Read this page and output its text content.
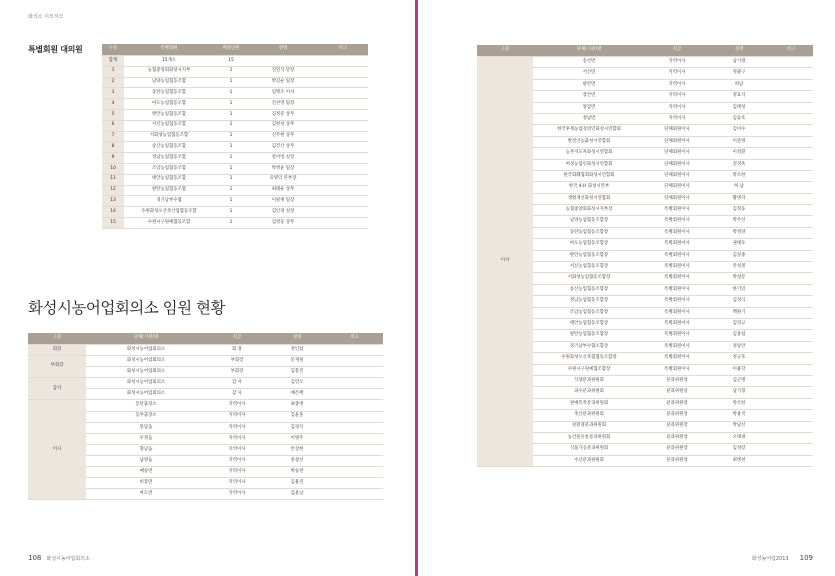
화의소 이모저모
특별회원 대의원	구분	특별회원	배정인원	성명	비고
합계	15개소	15		
1	농협중앙회화성시지부	1	진민식 단장	
2	남양농업협동조합	1	박길순 팀장	
3	동탄농업협동조합	1	임병조 이사	
4	마도농업협동조합	1	진선영 팀장	
5	발안농업협동조합	1	김정문 상무	
6	서신농업협동조합	1	김현성 상무	
7	서화성농업협동조합	1	신주현 상무	
8	송산농업협동조합	1	김진산 상무	
9	정남농업협동조합	1	강미영 실장	
10	조암농업협동조합	1	박병윤 팀장	
11	태안농업협동조합	1	유병덕 본부장	
12	팔탄농업협동조합	1	최태순 상무	
13	경기남부수협	1	이필재 팀장	
14	수원화성오산축산업협동조합	1	김인경 실장	
15	수원시구원예협동조합	1	김영웅 상무	
화성시농어업회의소 임원 현황
구분	단체(기관)명	직급	성명	비고
회장	화성시농어업회의소	회 장	정인섭	
부회장	화성시농어업회의소	부회장	문재필	
	화성시농어업회의소	부회장	김봉진	
감사	화성시농어업회의소	감 사	김연오	
	화성시농어업회의소	감 사	예은배	
이사	동탄출장소	지역이사	최종병	
	동부출장소	지역이사	김윤홍	
	봉담읍	지역이사	김경석	
	우정읍	지역이사	이병주	
	향남읍	지역이사	안상현	
	남양읍	지역이사	홍창선	
	매송면	지역이사	박승관	
	비봉면	지역이사	김용진	
	마도면	지역이사	김윤남	
108 화성시농어업회의소
구분	단체(기관)명	직급	성명	비고
이사	송산면	지역이사	남기철	
	서신면	지역이사	정광구	
	팔탄면	지역이사	허남	
	장안면	지역이사	정효식	
	양감면	지역이사	김태성	
	정남면	지역이사	김승호	
	한국후계농업경영인화성시연합회	단체회원이사	김이수	
	발전인농화성시연합회	단체회원이사	이준영	
	농촌지도자화성시연합회	단체회원이사	이성환	
	여성농업인화성시연합회	단체회원이사	전경옥	
	한국화훼협회화성시연합회	단체회원이사	박조한	
	한국 4-H 화성시본부	단체회원이사	허 남	
	생활개선화성시연합회	단체회원이사	황명자	
	농협중앙회화성시지부장	특별회원이사	김정웅	
	남양농업협동조합장	특별회원이사	박주신	
	동탄농업협동조합장	특별회원이사	박정양	
	마도농업협동조합장	특별회원이사	권태우	
	발안농업협동조합장	특별회원이사	김상종	
	서신농업협동조합장	특별회원이사	안성철	
	서화성농업협동조합장	특별회원이사	박청문	
	송산농업협동조합장	특별회원이사	한기연	
	정남농업협동조합장	특별회원이사	김경식	
	조암농업협동조합장	특별회원이사	백원기	
	태안농업협동조합장	특별회원이사	김영규	
	팔탄농업협동조합장	특별회원이사	김충섭	
	경기남부수협조합장	특별회원이사	정승만	
	수원화성오산축협협동조합장	특별회원이사	정규호	
	수원시구원예협조합장	특별회원이사	이용학	
	식량분과위원회	분과위원장	김근명	
	과수분과위원회	분과위원장	남기형	
	원예특작분과위원회	분과위원장	박조한	
	축산분과위원회	분과위원장	박용국	
	친환경분과위원회	분과위원장	박남선	
	농산물유통분과위원회	분과위원장	오태권	
	식품가공분과위원회	분과위원장	임경랑	
	수산분과위원회	분과위원장	최병천	
화성농어업2013 109
